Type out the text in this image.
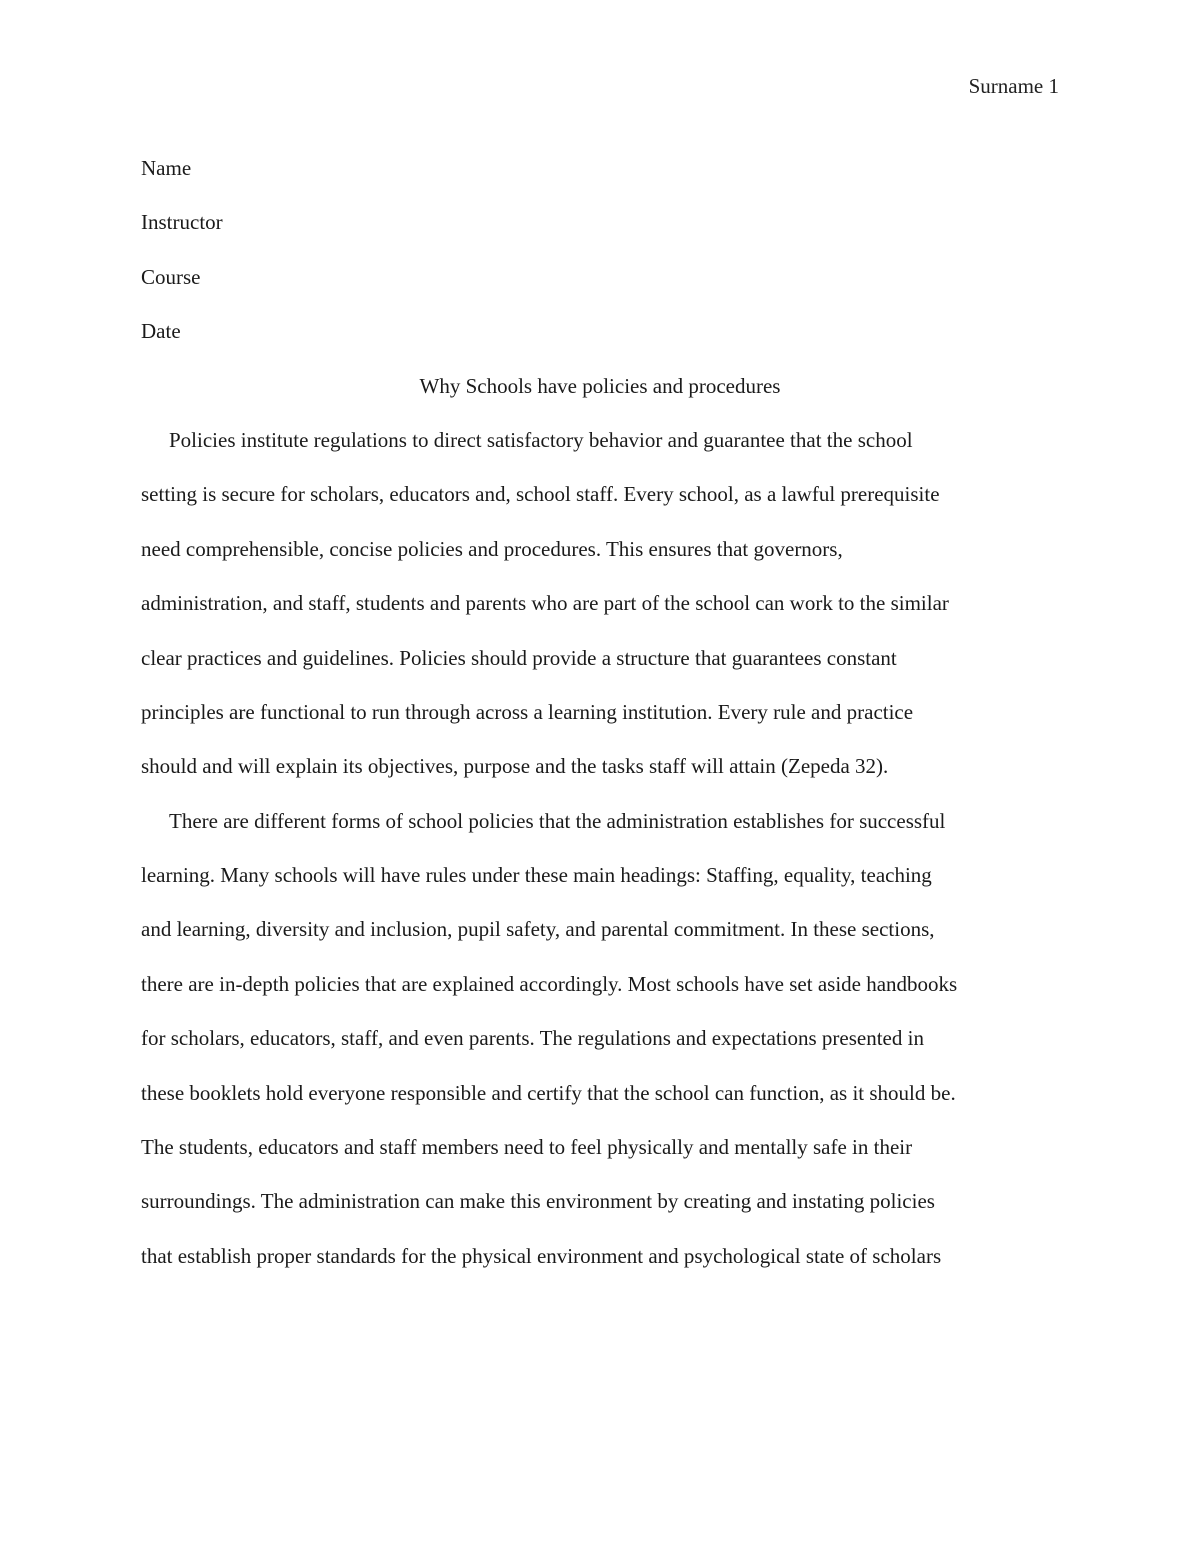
Surname 1
Name
Instructor
Course
Date
Why Schools have policies and procedures
Policies institute regulations to direct satisfactory behavior and guarantee that the school
setting is secure for scholars, educators and, school staff. Every school, as a lawful prerequisite
need comprehensible, concise policies and procedures. This ensures that governors,
administration, and staff, students and parents who are part of the school can work to the similar
clear practices and guidelines. Policies should provide a structure that guarantees constant
principles are functional to run through across a learning institution. Every rule and practice
should and will explain its objectives, purpose and the tasks staff will attain (Zepeda 32).
There are different forms of school policies that the administration establishes for successful
learning. Many schools will have rules under these main headings: Staffing, equality, teaching
and learning, diversity and inclusion, pupil safety, and parental commitment. In these sections,
there are in-depth policies that are explained accordingly. Most schools have set aside handbooks
for scholars, educators, staff, and even parents. The regulations and expectations presented in
these booklets hold everyone responsible and certify that the school can function, as it should be.
The students, educators and staff members need to feel physically and mentally safe in their
surroundings. The administration can make this environment by creating and instating policies
that establish proper standards for the physical environment and psychological state of scholars
